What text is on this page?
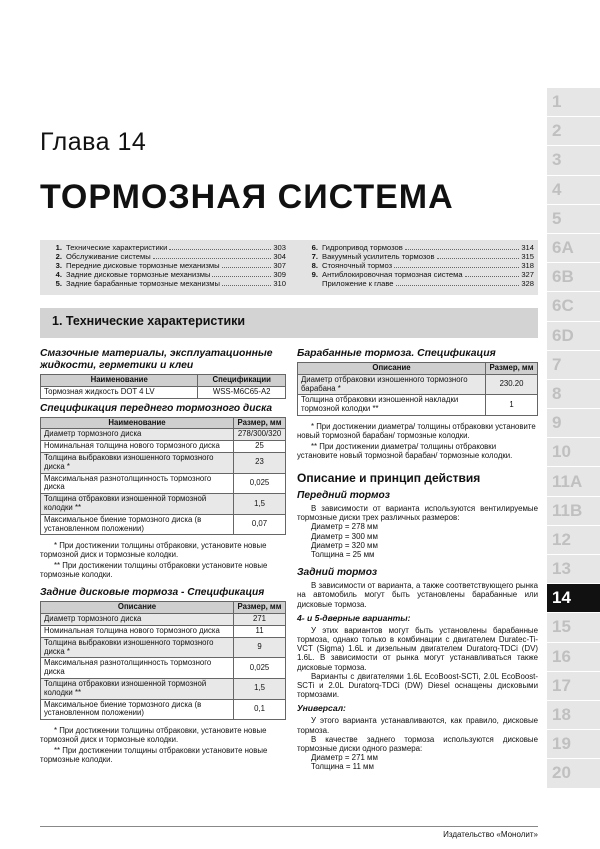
Глава 14
ТОРМОЗНАЯ СИСТЕМА
1. Технические характеристики	303
2. Обслуживание системы	304
3. Передние дисковые тормозные механизмы	307
4. Задние дисковые тормозные механизмы	309
5. Задние барабанные тормозные механизмы	310
6. Гидропривод тормозов	314
7. Вакуумный усилитель тормозов	315
8. Стояночный тормоз	318
9. Антиблокировочная тормозная система	327
Приложение к главе	328
1. Технические характеристики
Смазочные материалы, эксплуатационные жидкости, герметики и клеи
Наименование	Спецификации
Тормозная жидкость DOT 4 LV	WSS-M6C65-A2
Спецификация переднего тормозного диска
Наименование	Размер, мм
Диаметр тормозного диска	278/300/320
Номинальная толщина нового тормозного диска	25
Толщина выбраковки изношенного тормозного диска *	23
Максимальная разнотолщинность тормозного диска	0,025
Толщина отбраковки изношенной тормозной колодки **	1,5
Максимальное биение тормозного диска (в установленном положении)	0,07
* При достижении толщины отбраковки, установите новые тормозной диск и тормозные колодки.
** При достижении толщины отбраковки установите новые тормозные колодки.
Задние дисковые тормоза - Спецификация
Описание	Размер, мм
Диаметр тормозного диска	271
Номинальная толщина нового тормозного диска	11
Толщина выбраковки изношенного тормозного диска *	9
Максимальная разнотолщинность тормозного диска	0,025
Толщина отбраковки изношенной тормозной колодки **	1,5
Максимальное биение тормозного диска (в установленном положении)	0,1
* При достижении толщины отбраковки, установите новые тормозной диск и тормозные колодки.
** При достижении толщины отбраковки установите новые тормозные колодки.
Барабанные тормоза. Спецификация
Описание	Размер, мм
Диаметр отбраковки изношенного тормозного барабана *	230.20
Толщина отбраковки изношенной накладки тормозной колодки **	1
* При достижении диаметра/ толщины отбраковки установите новый тормозной барабан/ тормозные колодки.
** При достижении диаметра/ толщины отбраковки установите новый тормозной барабан/ тормозные колодки.
Описание и принцип действия
Передний тормоз
В зависимости от варианта используются вентилируемые тормозные диски трех различных размеров:
Диаметр = 278 мм
Диаметр = 300 мм
Диаметр = 320 мм
Толщина = 25 мм
Задний тормоз
В зависимости от варианта, а также соответствующего рынка на автомобиль могут быть установлены барабанные или дисковые тормоза.
4- и 5-дверные варианты:
У этих вариантов могут быть установлены барабанные тормоза, однако только в комбинации с двигателем Duratec-Ti-VCT (Sigma) 1.6L и дизельным двигателем Duratorq-TDCi (DV) 1.6L. В зависимости от рынка могут устанавливаться также дисковые тормоза.
Варианты с двигателями 1.6L EcoBoost-SCTi, 2.0L EcoBoost-SCTi и 2.0L Duratorq-TDCi (DW) Diesel оснащены дисковыми тормозами.
Универсал:
У этого варианта устанавливаются, как правило, дисковые тормоза.
В качестве заднего тормоза используются дисковые тормозные диски одного размера:
Диаметр = 271 мм
Толщина = 11 мм
1
2
3
4
5
6A
6B
6C
6D
7
8
9
10
11A
11B
12
13
14
15
16
17
18
19
20
Издательство «Монолит»
